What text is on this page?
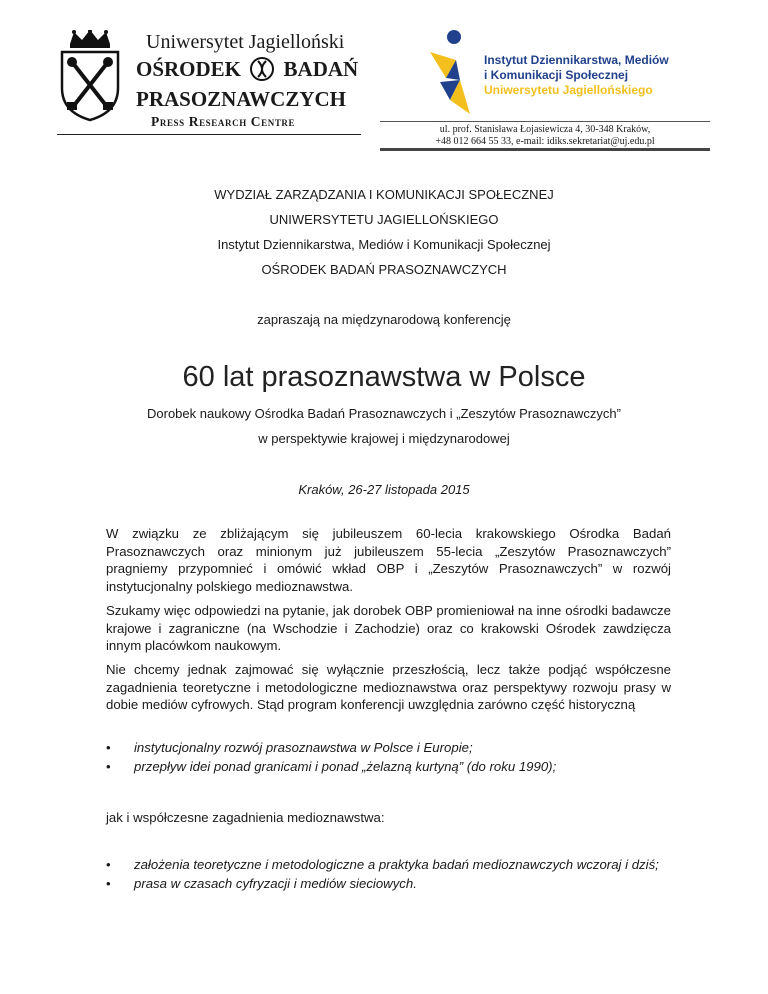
Uniwersytet Jagielloński
OŚRODEK BADAŃ
PRASOZNAWCZYCH
Press Research Centre
Instytut Dziennikarstwa, Mediów
i Komunikacji Społecznej
Uniwersytetu Jagiellońskiego
ul. prof. Stanisława Łojasiewicza 4, 30-348 Kraków,
+48 012 664 55 33, e-mail: idiks.sekretariat@uj.edu.pl
WYDZIAŁ ZARZĄDZANIA I KOMUNIKACJI SPOŁECZNEJ
UNIWERSYTETU JAGIELLOŃSKIEGO
Instytut Dziennikarstwa, Mediów i Komunikacji Społecznej
OŚRODEK BADAŃ PRASOZNAWCZYCH
zapraszają na międzynarodową konferencję
60 lat prasoznawstwa w Polsce
Dorobek naukowy Ośrodka Badań Prasoznawczych i „Zeszytów Prasoznawczych”
w perspektywie krajowej i międzynarodowej
Kraków, 26-27 listopada 2015
W związku ze zbliżającym się jubileuszem 60-lecia krakowskiego Ośrodka Badań Prasoznawczych oraz minionym już jubileuszem 55-lecia „Zeszytów Prasoznawczych” pragniemy przypomnieć i omówić wkład OBP i „Zeszytów Prasoznawczych” w rozwój instytucjonalny polskiego medioznawstwa.
Szukamy więc odpowiedzi na pytanie, jak dorobek OBP promieniował na inne ośrodki badawcze krajowe i zagraniczne (na Wschodzie i Zachodzie) oraz co krakowski Ośrodek zawdzięcza innym placówkom naukowym.
Nie chcemy jednak zajmować się wyłącznie przeszłością, lecz także podjąć współczesne zagadnienia teoretyczne i metodologiczne medioznawstwa oraz perspektywy rozwoju prasy w dobie mediów cyfrowych. Stąd program konferencji uwzględnia zarówno część historyczną
• instytucjonalny rozwój prasoznawstwa w Polsce i Europie;
• przepływ idei ponad granicami i ponad „żelazną kurtyną” (do roku 1990);
jak i współczesne zagadnienia medioznawstwa:
• założenia teoretyczne i metodologiczne a praktyka badań medioznawczych wczoraj i dziś;
• prasa w czasach cyfryzacji i mediów sieciowych.
